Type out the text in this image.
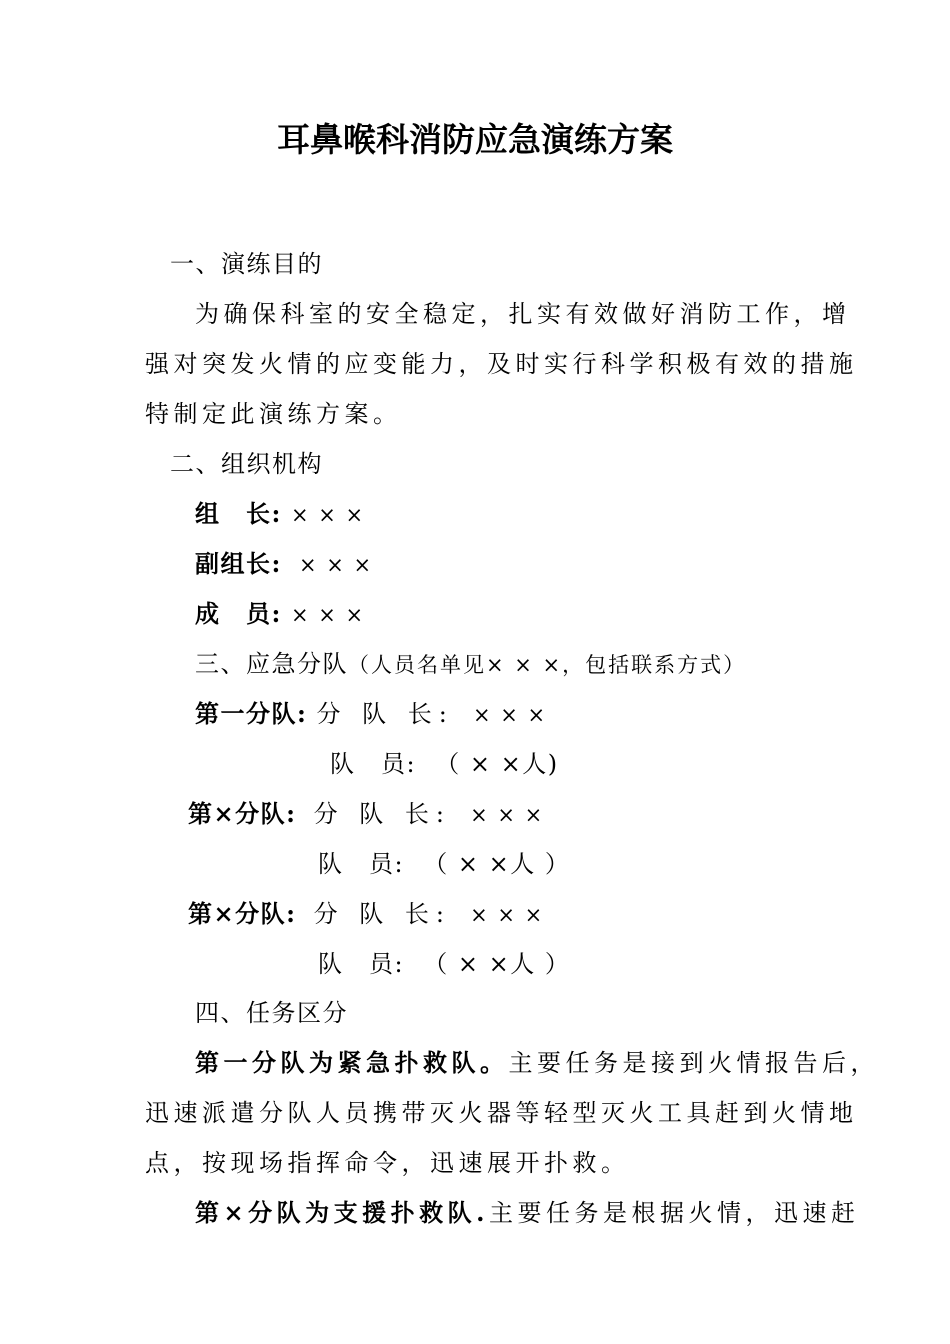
耳鼻喉科消防应急演练方案
一、演练目的
为确保科室的安全稳定，扎实有效做好消防工作，增
强对突发火情的应变能力，及时实行科学积极有效的措施
特制定此演练方案。
二、组织机构
组　长: × × ×
副组长: × × ×
成　员: × × ×
三、应急分队（人员名单见× × ×，包括联系方式）
第一分队: 分 队 长: × × ×
队　员: （ × ×人)
第×分队: 分 队 长: × × ×
队　员: （ × ×人 ）
第×分队: 分 队 长: × × ×
队　员: （ × ×人 ）
四、任务区分
第一分队为紧急扑救队。主要任务是接到火情报告后，
迅速派遣分队人员携带灭火器等轻型灭火工具赶到火情地
点，按现场指挥命令，迅速展开扑救。
第×分队为支援扑救队.主要任务是根据火情，迅速赶
